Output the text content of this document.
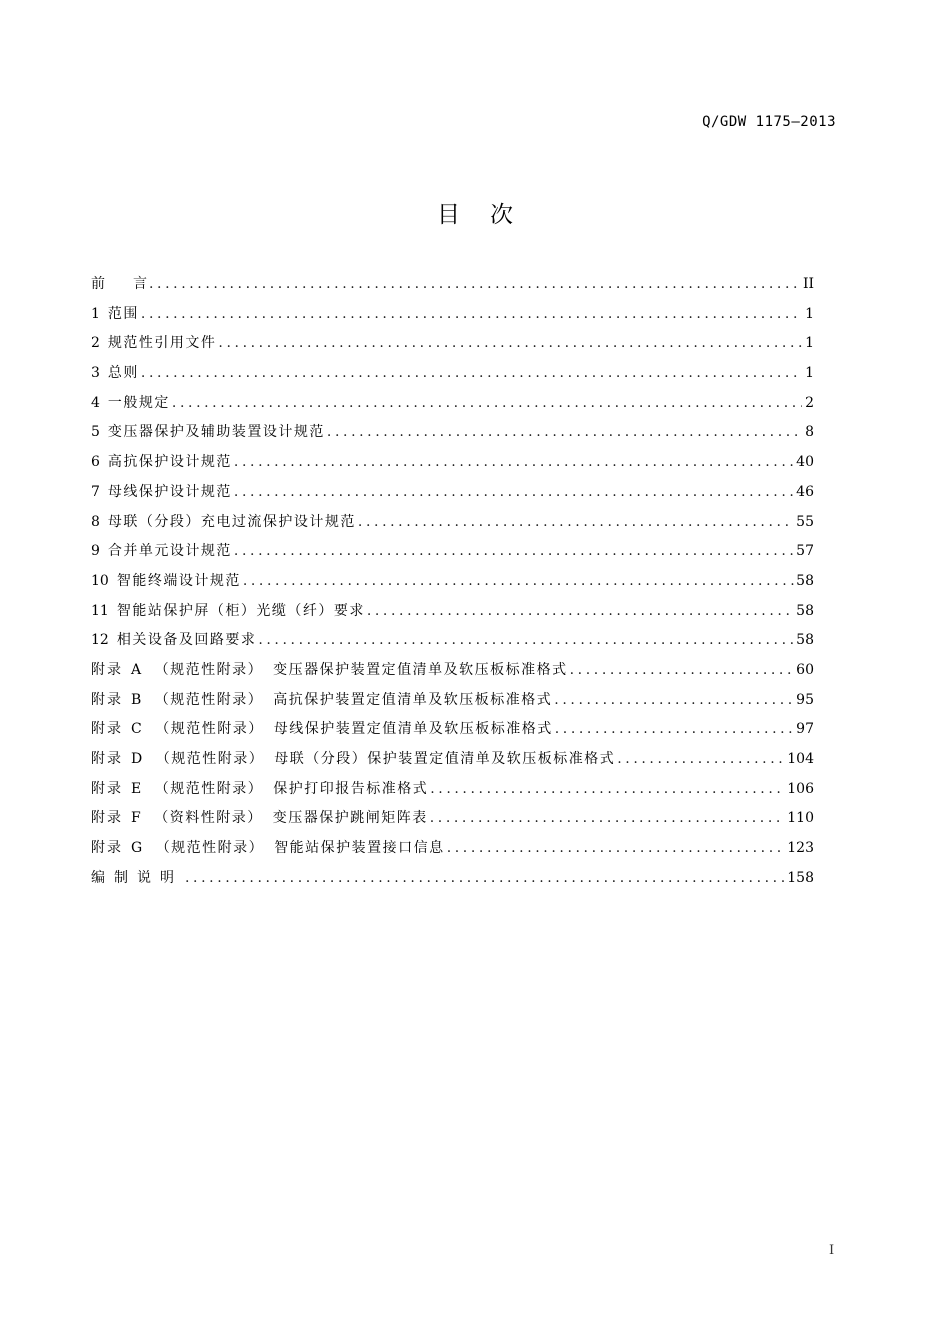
Q/GDW 1175—2013
目 次
前　　言 .....	II
1 范围 .....	1
2 规范性引用文件 .....	1
3 总则 .....	1
4 一般规定 .....	2
5 变压器保护及辅助装置设计规范 .....	8
6 高抗保护设计规范 .....	40
7 母线保护设计规范 .....	46
8 母联（分段）充电过流保护设计规范 .....	55
9 合并单元设计规范 .....	57
10 智能终端设计规范 .....	58
11 智能站保护屏（柜）光缆（纤）要求 .....	58
12 相关设备及回路要求 .....	58
附录 A （规范性附录） 变压器保护装置定值清单及软压板标准格式 .....	60
附录 B （规范性附录） 高抗保护装置定值清单及软压板标准格式 .....	95
附录 C （规范性附录） 母线保护装置定值清单及软压板标准格式 .....	97
附录 D （规范性附录） 母联（分段）保护装置定值清单及软压板标准格式 .....	104
附录 E （规范性附录） 保护打印报告标准格式 .....	106
附录 F （资料性附录） 变压器保护跳闸矩阵表 .....	110
附录 G （规范性附录） 智能站保护装置接口信息 .....	123
编制说明 .....	158
I
